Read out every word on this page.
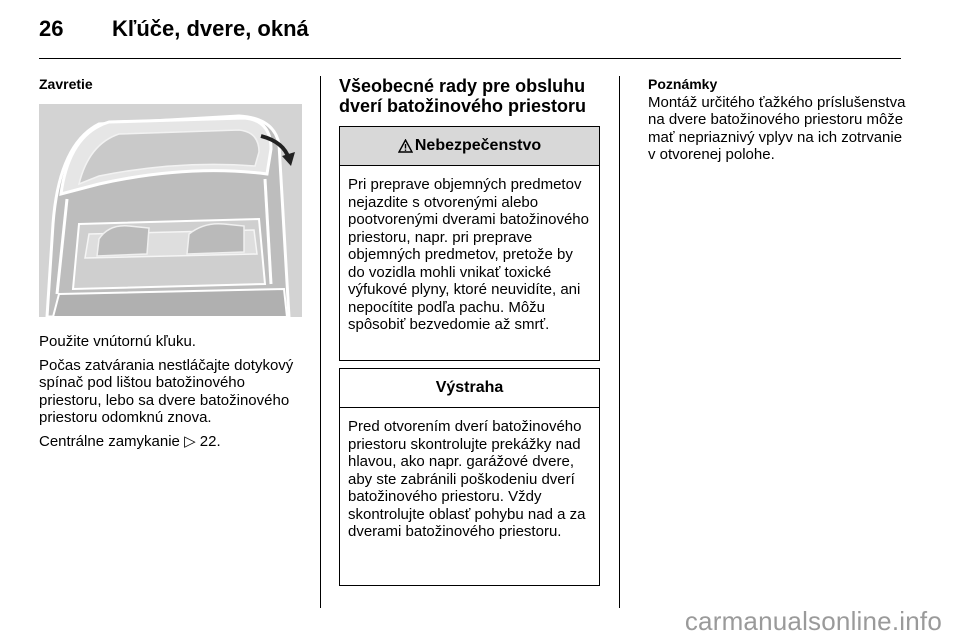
26 Kľúče, dvere, okná

Zavretie

Použite vnútornú kľuku.

Počas zatvárania nestláčajte dotykový spínač pod lištou batožinového priestoru, lebo sa dvere batožinového priestoru odomknú znova.

Centrálne zamykanie ▷ 22.

Všeobecné rady pre obsluhu

dverí batožinového priestoru

Nebezpečenstvo
Pri preprave objemných predmetov nejazdite s otvorenými alebo pootvorenými dverami batožinového priestoru, napr. pri preprave objemných predmetov, pretože by do vozidla mohli vnikať toxické výfukové plyny, ktoré neuvidíte, ani nepocítite podľa pachu. Môžu spôsobiť bezvedomie až smrť.
Výstraha
Pred otvorením dverí batožinového priestoru skontrolujte prekážky nad hlavou, ako napr. garážové dvere, aby ste zabránili poškodeniu dverí batožinového priestoru. Vždy skontrolujte oblasť pohybu nad a za dverami batožinového priestoru.

Poznámky

Montáž určitého ťažkého príslušenstva na dvere batožinového priestoru môže mať nepriaznivý vplyv na ich zotrvanie v otvorenej polohe.

carmanualsonline.info
